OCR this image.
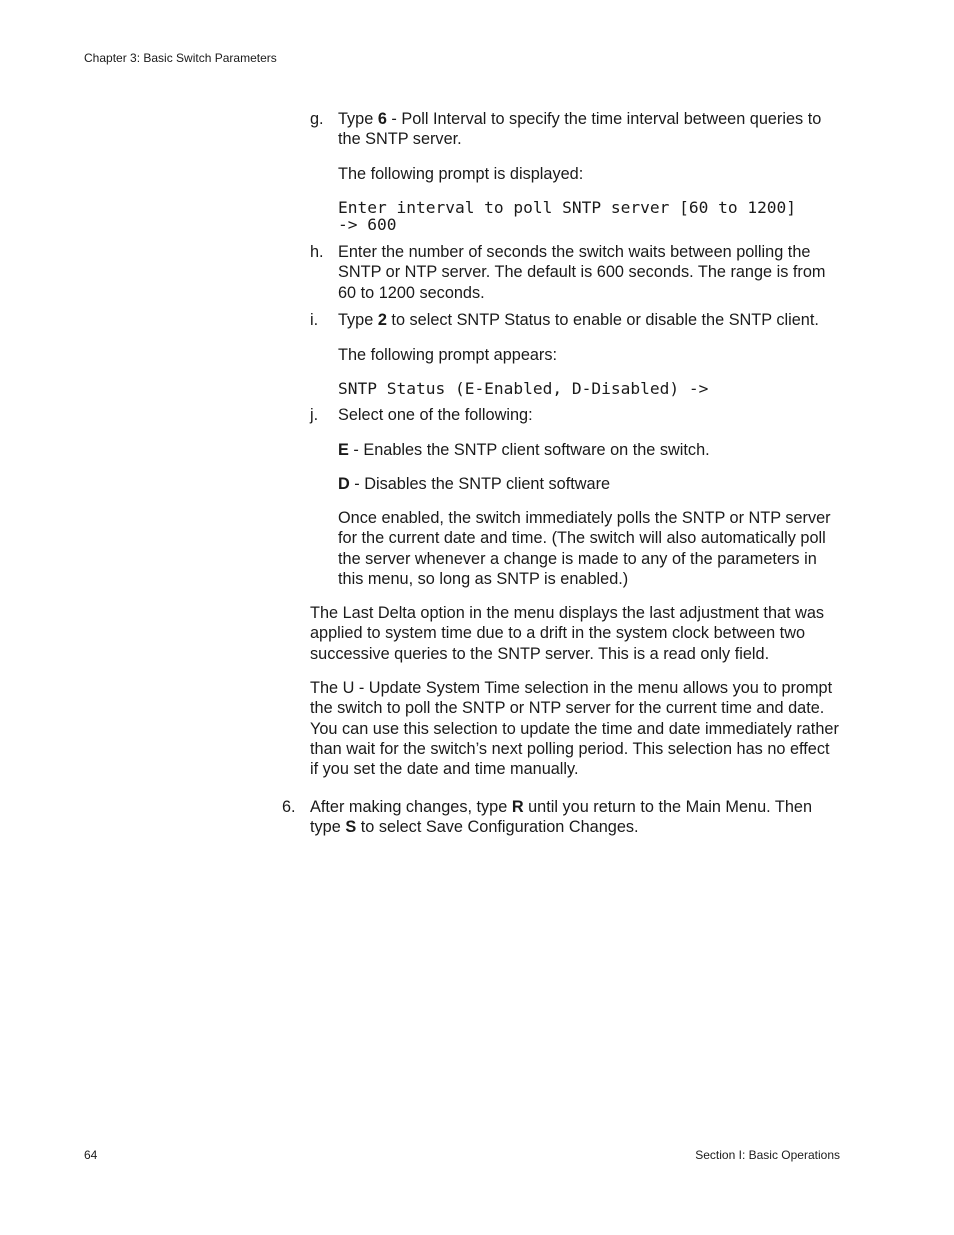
Chapter 3: Basic Switch Parameters
g. Type 6 - Poll Interval to specify the time interval between queries to the SNTP server.

The following prompt is displayed:

Enter interval to poll SNTP server [60 to 1200]
-> 600
h. Enter the number of seconds the switch waits between polling the SNTP or NTP server. The default is 600 seconds. The range is from 60 to 1200 seconds.

i. Type 2 to select SNTP Status to enable or disable the SNTP client.

The following prompt appears:

SNTP Status (E-Enabled, D-Disabled) ->
j. Select one of the following:

E - Enables the SNTP client software on the switch.

D - Disables the SNTP client software

Once enabled, the switch immediately polls the SNTP or NTP server for the current date and time. (The switch will also automatically poll the server whenever a change is made to any of the parameters in this menu, so long as SNTP is enabled.)

The Last Delta option in the menu displays the last adjustment that was applied to system time due to a drift in the system clock between two successive queries to the SNTP server. This is a read only field.

The U - Update System Time selection in the menu allows you to prompt the switch to poll the SNTP or NTP server for the current time and date. You can use this selection to update the time and date immediately rather than wait for the switch’s next polling period. This selection has no effect if you set the date and time manually.

6. After making changes, type R until you return to the Main Menu. Then type S to select Save Configuration Changes.

64	Section I: Basic Operations
